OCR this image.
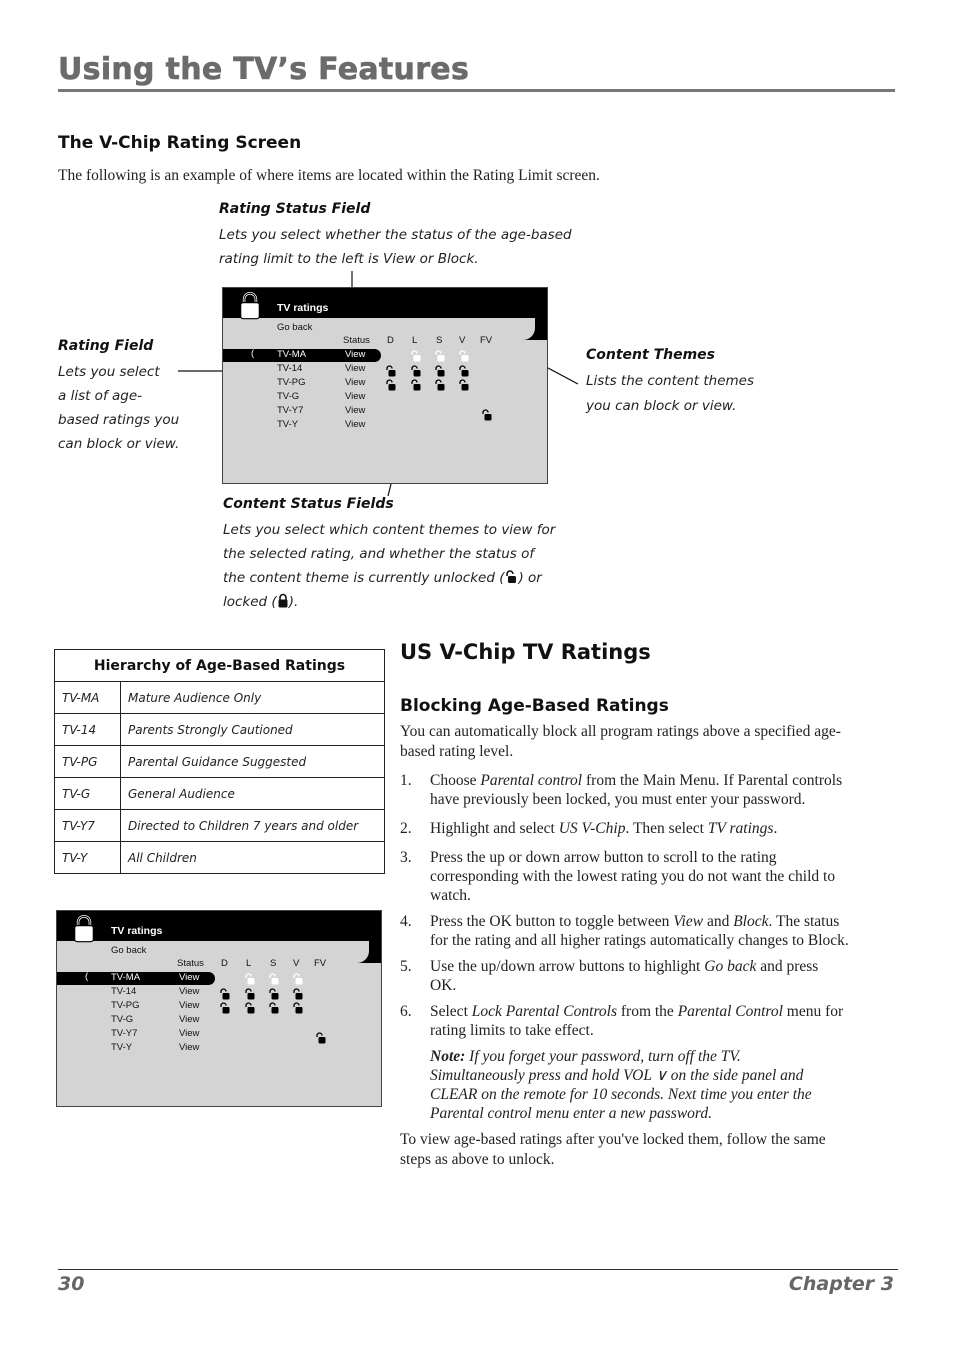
Using the TV’s Features
The V-Chip Rating Screen
The following is an example of where items are located within the Rating Limit screen.
Rating Status Field
Lets you select whether the status of the age-based
rating limit to the left is View or Block.
Rating Field
Lets you select
a list of age-
based ratings you
can block or view.
Content Themes
Lists the content themes
you can block or view.
Content Status Fields
Lets you select which content themes to view for
the selected rating, and whether the status of
the content theme is currently unlocked ( ) or
locked ( ).
TV ratings
Go back
Status D L S V FV
( TV-MA	View
TV-14	View
TV-PG	View
TV-G	View
TV-Y7	View
TV-Y	View
Hierarchy of Age-Based Ratings	
TV-MA	Mature Audience Only
TV-14	Parents Strongly Cautioned
TV-PG	Parental Guidance Suggested
TV-G	General Audience
TV-Y7	Directed to Children 7 years and older
TV-Y	All Children
TV ratings
Go back
Status D L S V FV
( TV-MA	View
TV-14	View
TV-PG	View
TV-G	View
TV-Y7	View
TV-Y	View
US V-Chip TV Ratings
Blocking Age-Based Ratings
You can automatically block all program ratings above a specified age-
based rating level.
1. Choose Parental control from the Main Menu. If Parental controls
have previously been locked, you must enter your password.
2. Highlight and select US V-Chip. Then select TV ratings.
3. Press the up or down arrow button to scroll to the rating
corresponding with the lowest rating you do not want the child to
watch.
4. Press the OK button to toggle between View and Block. The status
for the rating and all higher ratings automatically changes to Block.
5. Use the up/down arrow buttons to highlight Go back and press
OK.
6. Select Lock Parental Controls from the Parental Control menu for
rating limits to take effect.
Note: If you forget your password, turn off the TV.
Simultaneously press and hold VOL ∨ on the side panel and
CLEAR on the remote for 10 seconds. Next time you enter the
Parental control menu enter a new password.
To view age-based ratings after you've locked them, follow the same
steps as above to unlock.
30	Chapter 3
